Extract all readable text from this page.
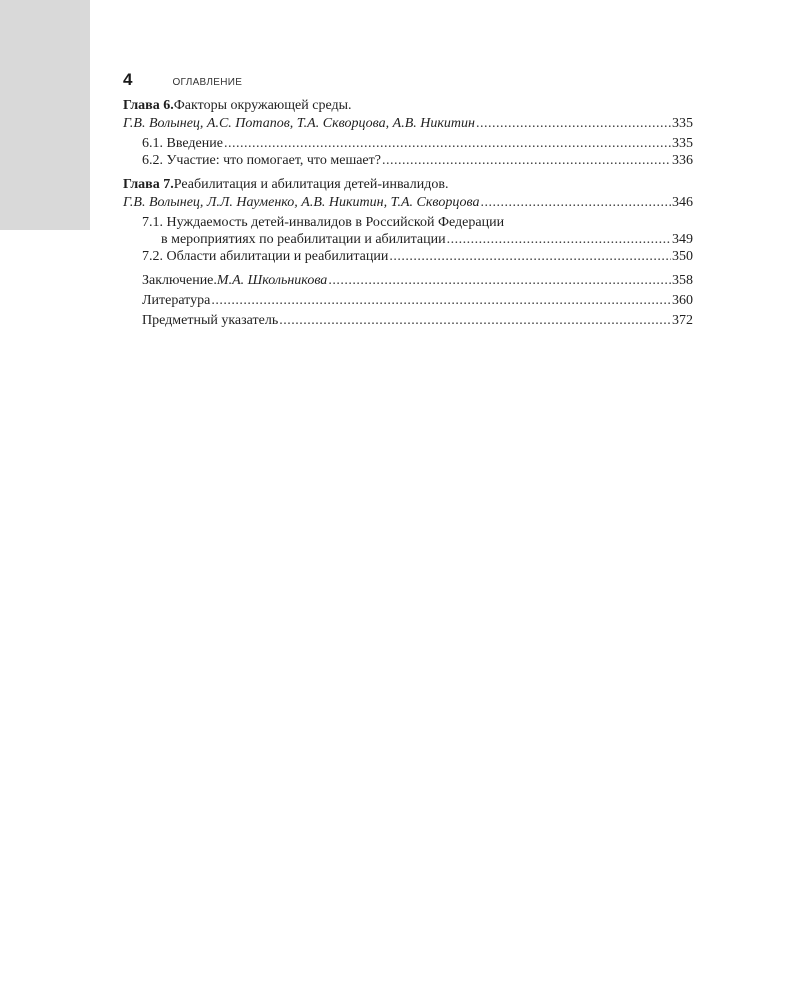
4	ОГЛАВЛЕНИЕ
Глава 6. Факторы окружающей среды.
Г.В. Волынец, А.С. Потапов, Т.А. Скворцова, А.В. Никитин .....	335
6.1. Введение .....	335
6.2. Участие: что помогает, что мешает? .....	336
Глава 7. Реабилитация и абилитация детей-инвалидов.
Г.В. Волынец, Л.Л. Науменко, А.В. Никитин, Т.А. Скворцова .....	346
7.1. Нуждаемость детей-инвалидов в Российской Федерации
в мероприятиях по реабилитации и абилитации .....	349
7.2. Области абилитации и реабилитации .....	350
Заключение. М.А. Школьникова .....	358
Литература .....	360
Предметный указатель .....	372
